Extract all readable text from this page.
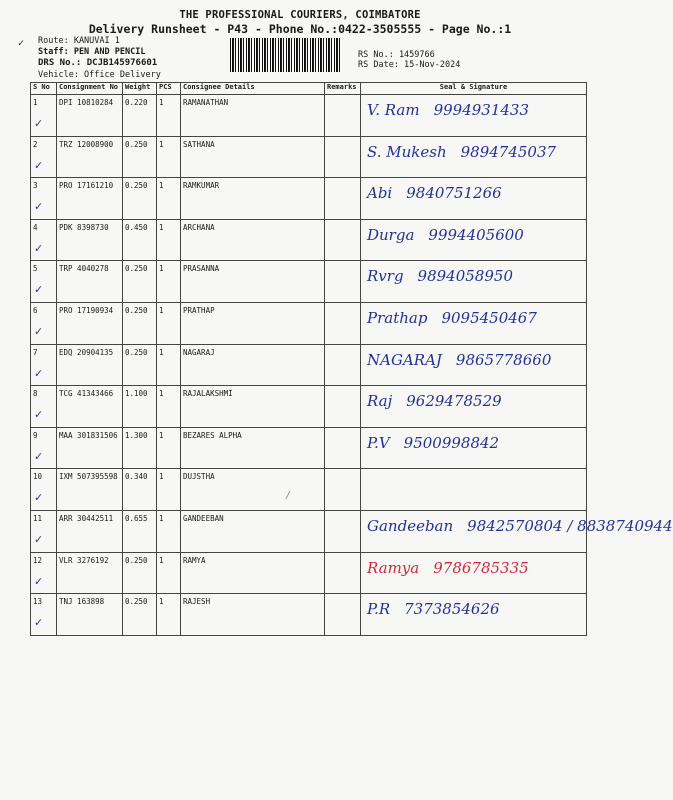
✓
THE PROFESSIONAL COURIERS, COIMBATORE
Delivery Runsheet - P43 - Phone No.:0422-3505555 - Page No.:1
Route: KANUVAI 1
Staff: PEN AND PENCIL
DRS No.: DCJB145976601
Vehicle: Office Delivery
RS No.: 1459766
RS Date: 15-Nov-2024
S No	Consignment No	Weight	PCS	Consignee Details	Remarks	Seal & Signature
1
✓	DPI 10810284	0.220	1	RAMANATHAN		V. Ram 9994931433

2
✓	TRZ 12008900	0.250	1	SATHANA		S. Mukesh 9894745037

3
✓	PRO 17161210	0.250	1	RAMKUMAR		Abi 9840751266

4
✓	PDK 8398730	0.450	1	ARCHANA		Durga 9994405600

5
✓	TRP 4040278	0.250	1	PRASANNA		Rvrg 9894058950

6
✓	PRO 17190934	0.250	1	PRATHAP		Prathap 9095450467

7
✓	EDQ 20904135	0.250	1	NAGARAJ		NAGARAJ 9865778660

8
✓	TCG 41343466	1.100	1	RAJALAKSHMI		Raj 9629478529

9
✓	MAA 301831506	1.300	1	BEZARES ALPHA		P.V 9500998842

10
✓	IXM 507395598	0.340	1	DUJSTHA		

11
✓	ARR 30442511	0.655	1	GANDEEBAN		Gandeeban 9842570804 / 8838740944

12
✓	VLR 3276192	0.250	1	RAMYA		Ramya 9786785335

13
✓	TNJ 163898	0.250	1	RAJESH		P.R 7373854626
/
